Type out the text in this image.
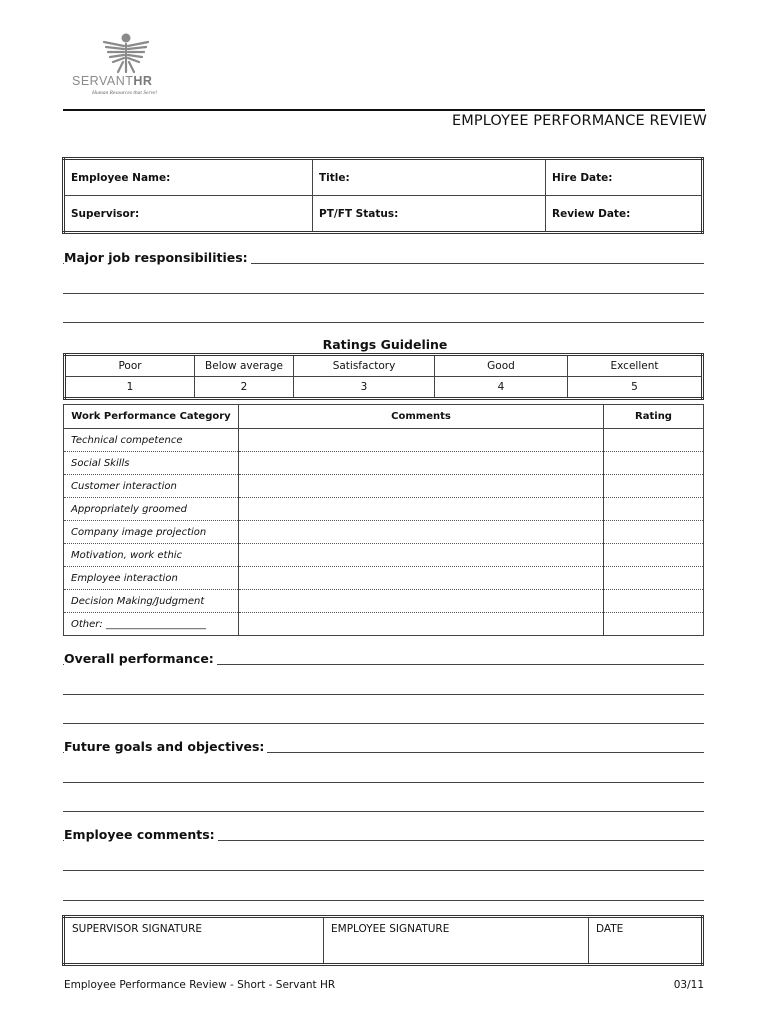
SERVANTHR
Human Resources that Serve!
EMPLOYEE PERFORMANCE REVIEW
Employee Name:	Title:	Hire Date:
Supervisor:	PT/FT Status:	Review Date:
Major job responsibilities:
Ratings Guideline
Poor	Below average	Satisfactory	Good	Excellent
1	2	3	4	5
Work Performance Category	Comments	Rating
Technical competence		
Social Skills		
Customer interaction		
Appropriately groomed		
Company image projection		
Motivation, work ethic		
Employee interaction		
Decision Making/Judgment		
Other: ____________________		
Overall performance:
Future goals and objectives:
Employee comments:
SUPERVISOR SIGNATURE	EMPLOYEE SIGNATURE	DATE
Employee Performance Review - Short - Servant HR	03/11
